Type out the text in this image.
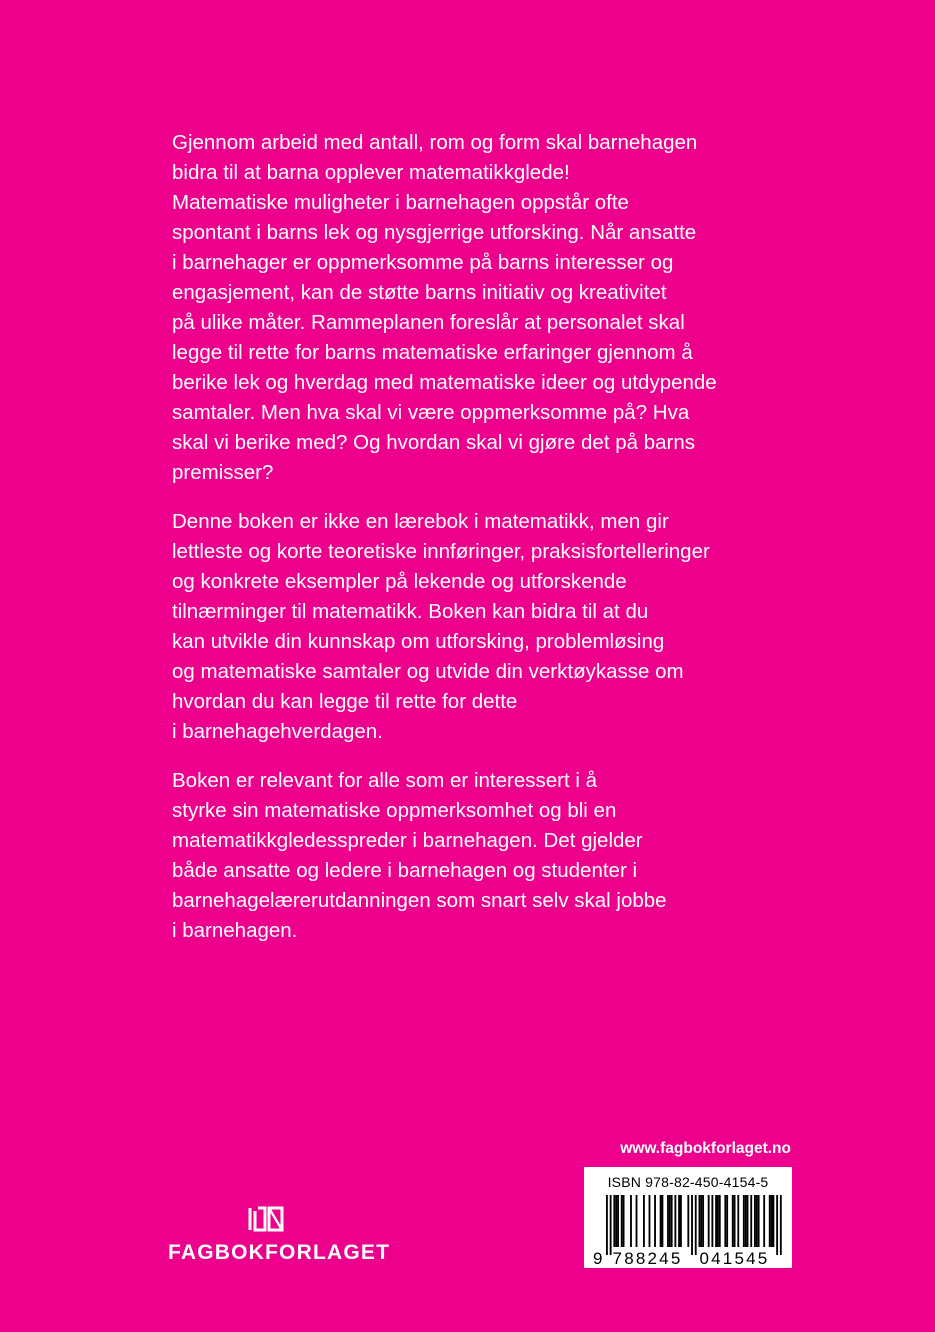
Gjennom arbeid med antall, rom og form skal barnehagen
bidra til at barna opplever matematikkglede!
Matematiske muligheter i barnehagen oppstår ofte
spontant i barns lek og nysgjerrige utforsking. Når ansatte
i barnehager er oppmerksomme på barns interesser og
engasjement, kan de støtte barns initiativ og kreativitet
på ulike måter. Rammeplanen foreslår at personalet skal
legge til rette for barns matematiske erfaringer gjennom å
berike lek og hverdag med matematiske ideer og utdypende
samtaler. Men hva skal vi være oppmerksomme på? Hva
skal vi berike med? Og hvordan skal vi gjøre det på barns
premisser?

Denne boken er ikke en lærebok i matematikk, men gir
lettleste og korte teoretiske innføringer, praksisfortelleringer
og konkrete eksempler på lekende og utforskende
tilnærminger til matematikk. Boken kan bidra til at du
kan utvikle din kunnskap om utforsking, problemløsing
og matematiske samtaler og utvide din verktøykasse om
hvordan du kan legge til rette for dette
i barnehagehverdagen.

Boken er relevant for alle som er interessert i å
styrke sin matematiske oppmerksomhet og bli en
matematikkgledesspreder i barnehagen. Det gjelder
både ansatte og ledere i barnehagen og studenter i
barnehagelærerutdanningen som snart selv skal jobbe
i barnehagen.

FAGBOKFORLAGET
www.fagbokforlaget.no
ISBN 978-82-450-4154-5
9 788245 041545
